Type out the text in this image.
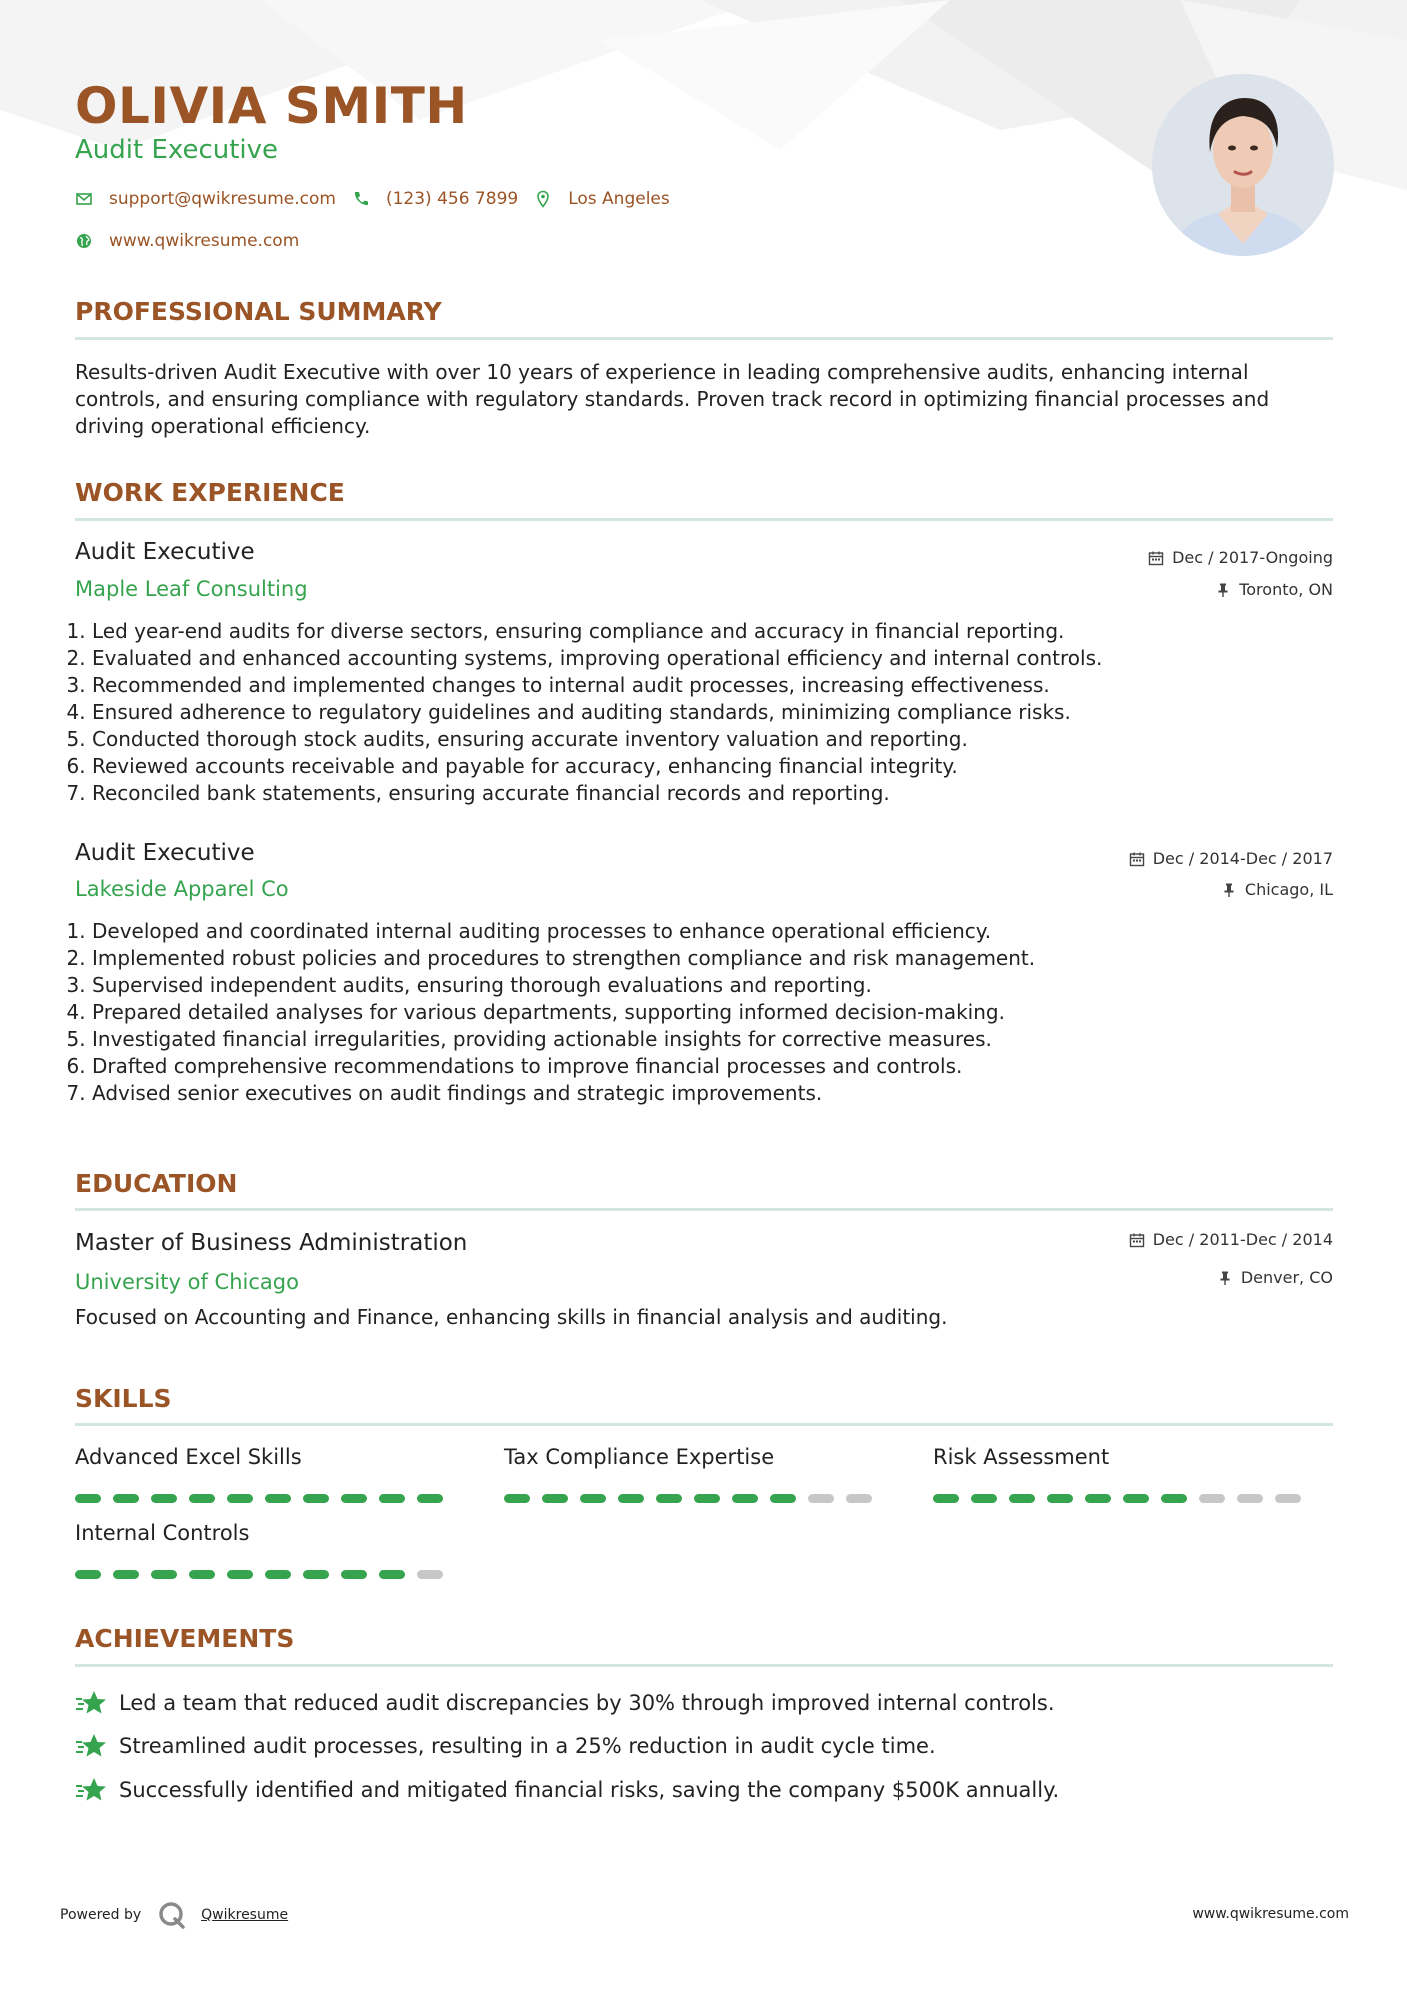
OLIVIA SMITH
Audit Executive
support@qwikresume.com	(123) 456 7899	Los Angeles
www.qwikresume.com
PROFESSIONAL SUMMARY

Results-driven Audit Executive with over 10 years of experience in leading comprehensive audits, enhancing internal controls, and ensuring compliance with regulatory standards. Proven track record in optimizing financial processes and driving operational efficiency.

WORK EXPERIENCE
Audit Executive
Maple Leaf Consulting
Dec / 2017-Ongoing
Toronto, ON
1. Led year-end audits for diverse sectors, ensuring compliance and accuracy in financial reporting.
2. Evaluated and enhanced accounting systems, improving operational efficiency and internal controls.
3. Recommended and implemented changes to internal audit processes, increasing effectiveness.
4. Ensured adherence to regulatory guidelines and auditing standards, minimizing compliance risks.
5. Conducted thorough stock audits, ensuring accurate inventory valuation and reporting.
6. Reviewed accounts receivable and payable for accuracy, enhancing financial integrity.
7. Reconciled bank statements, ensuring accurate financial records and reporting.
Audit Executive
Lakeside Apparel Co
Dec / 2014-Dec / 2017
Chicago, IL
1. Developed and coordinated internal auditing processes to enhance operational efficiency.
2. Implemented robust policies and procedures to strengthen compliance and risk management.
3. Supervised independent audits, ensuring thorough evaluations and reporting.
4. Prepared detailed analyses for various departments, supporting informed decision-making.
5. Investigated financial irregularities, providing actionable insights for corrective measures.
6. Drafted comprehensive recommendations to improve financial processes and controls.
7. Advised senior executives on audit findings and strategic improvements.
EDUCATION
Master of Business Administration
University of Chicago
Dec / 2011-Dec / 2014
Denver, CO

Focused on Accounting and Finance, enhancing skills in financial analysis and auditing.

SKILLS
Advanced Excel Skills	Tax Compliance Expertise	Risk Assessment
Internal Controls
ACHIEVEMENTS
Led a team that reduced audit discrepancies by 30% through improved internal controls.
Streamlined audit processes, resulting in a 25% reduction in audit cycle time.
Successfully identified and mitigated financial risks, saving the company $500K annually.
Powered by	Qwikresume	www.qwikresume.com
